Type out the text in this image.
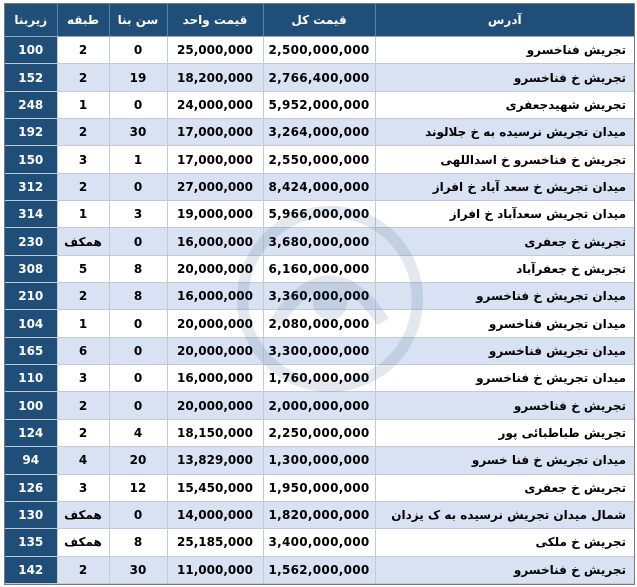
زیربنا	طبقه	سن بنا	قیمت واحد	قیمت کل	آدرس
100	2	0	25,000,000	2,500,000,000	تجریش فناخسرو
152	2	19	18,200,000	2,766,400,000	تجریش خ فناخسرو
248	1	0	24,000,000	5,952,000,000	تجریش شهیدجعفری
192	2	30	17,000,000	3,264,000,000	میدان تجریش نرسیده به خ جلالوند
150	3	1	17,000,000	2,550,000,000	تجریش خ فناخسرو خ اسداللهی
312	2	0	27,000,000	8,424,000,000	میدان تجریش خ سعد آباد خ افراز
314	1	3	19,000,000	5,966,000,000	میدان تجریش سعدآباد خ افراز
230	همکف	0	16,000,000	3,680,000,000	تجریش خ جعفری
308	5	8	20,000,000	6,160,000,000	تجریش خ جعفرآباد
210	2	8	16,000,000	3,360,000,000	میدان تجریش خ فناخسرو
104	1	0	20,000,000	2,080,000,000	میدان تجریش فناخسرو
165	6	0	20,000,000	3,300,000,000	میدان تجریش فناخسرو
110	3	0	16,000,000	1,760,000,000	میدان تجریش خ فناخسرو
100	2	0	20,000,000	2,000,000,000	تجریش خ فناخسرو
124	2	4	18,150,000	2,250,000,000	تجریش طباطبائی پور
94	4	20	13,829,000	1,300,000,000	میدان تجریش خ فنا خسرو
126	3	12	15,450,000	1,950,000,000	تجریش خ جعفری
130	همکف	0	14,000,000	1,820,000,000	شمال میدان تجریش نرسیده به ک یزدان
135	همکف	8	25,185,000	3,400,000,000	تجریش خ ملکی
142	2	30	11,000,000	1,562,000,000	تجریش خ فناخسرو
